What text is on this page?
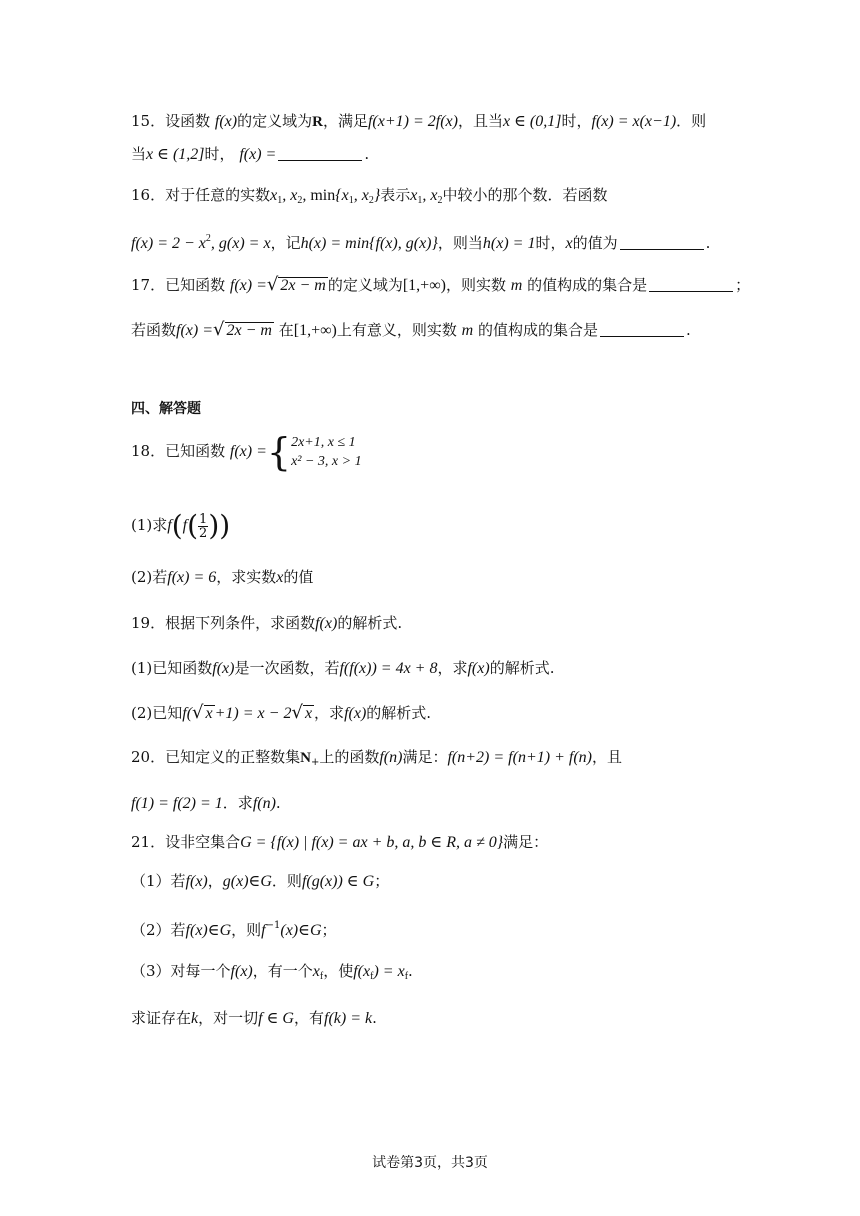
15．设函数 f(x)的定义域为R，满足f(x+1) = 2f(x)，且当x ∈ (0,1]时，f(x) = x(x−1)．则
当x ∈ (1,2]时， f(x) =	.
16．对于任意的实数$x_1$, $x_2$, $\min\{x_1$, $x_2$}表示$x_1$, $x_2$中较小的那个数．若函数
$f(x) = 2 - x^2$, g(x) = x，记h(x) = min{f(x), g(x)}，则当h(x) = 1时，x的值为	.
17．已知函数 f(x) =√ 2x − m 的定义域为[1,+∞)，则实数 m 的值构成的集合是	；
若函数f(x) =√ 2x − m 在[1,+∞)上有意义，则实数 m 的值构成的集合是	.
四、解答题
18．已知函数 f(x) ={ 2x+1, x ≤ 1
x² − 3, x > 1
(1)求$f(f( \frac{1}{2}$ ))
(2)若f(x) = 6，求实数x的值
19．根据下列条件，求函数f(x)的解析式.
(1)已知函数f(x)是一次函数，若f(f(x)) = 4x + 8，求f(x)的解析式.
(2)已知f(√ x +1) = x − 2√ x ，求f(x)的解析式.
20．已知定义的正整数集$N_+$上的函数f(n)满足：f(n+2) = f(n+1) + f(n)，且
f(1) = f(2) = 1．求f(n).
21．设非空集合G = {f(x) | f(x) = ax + b, a, b ∈ R, a ≠ 0}满足：
（1）若f(x)，g(x)∈G．则f(g(x)) ∈ G；
（2）若f(x)∈G，则$f^{-1}(x)\in G$；
（3）对每一个f(x)，有一个$x_f$，使$f(x_f) = x_f$.
求证存在k，对一切f ∈ G，有f(k) = k.
试卷第3页，共3页
